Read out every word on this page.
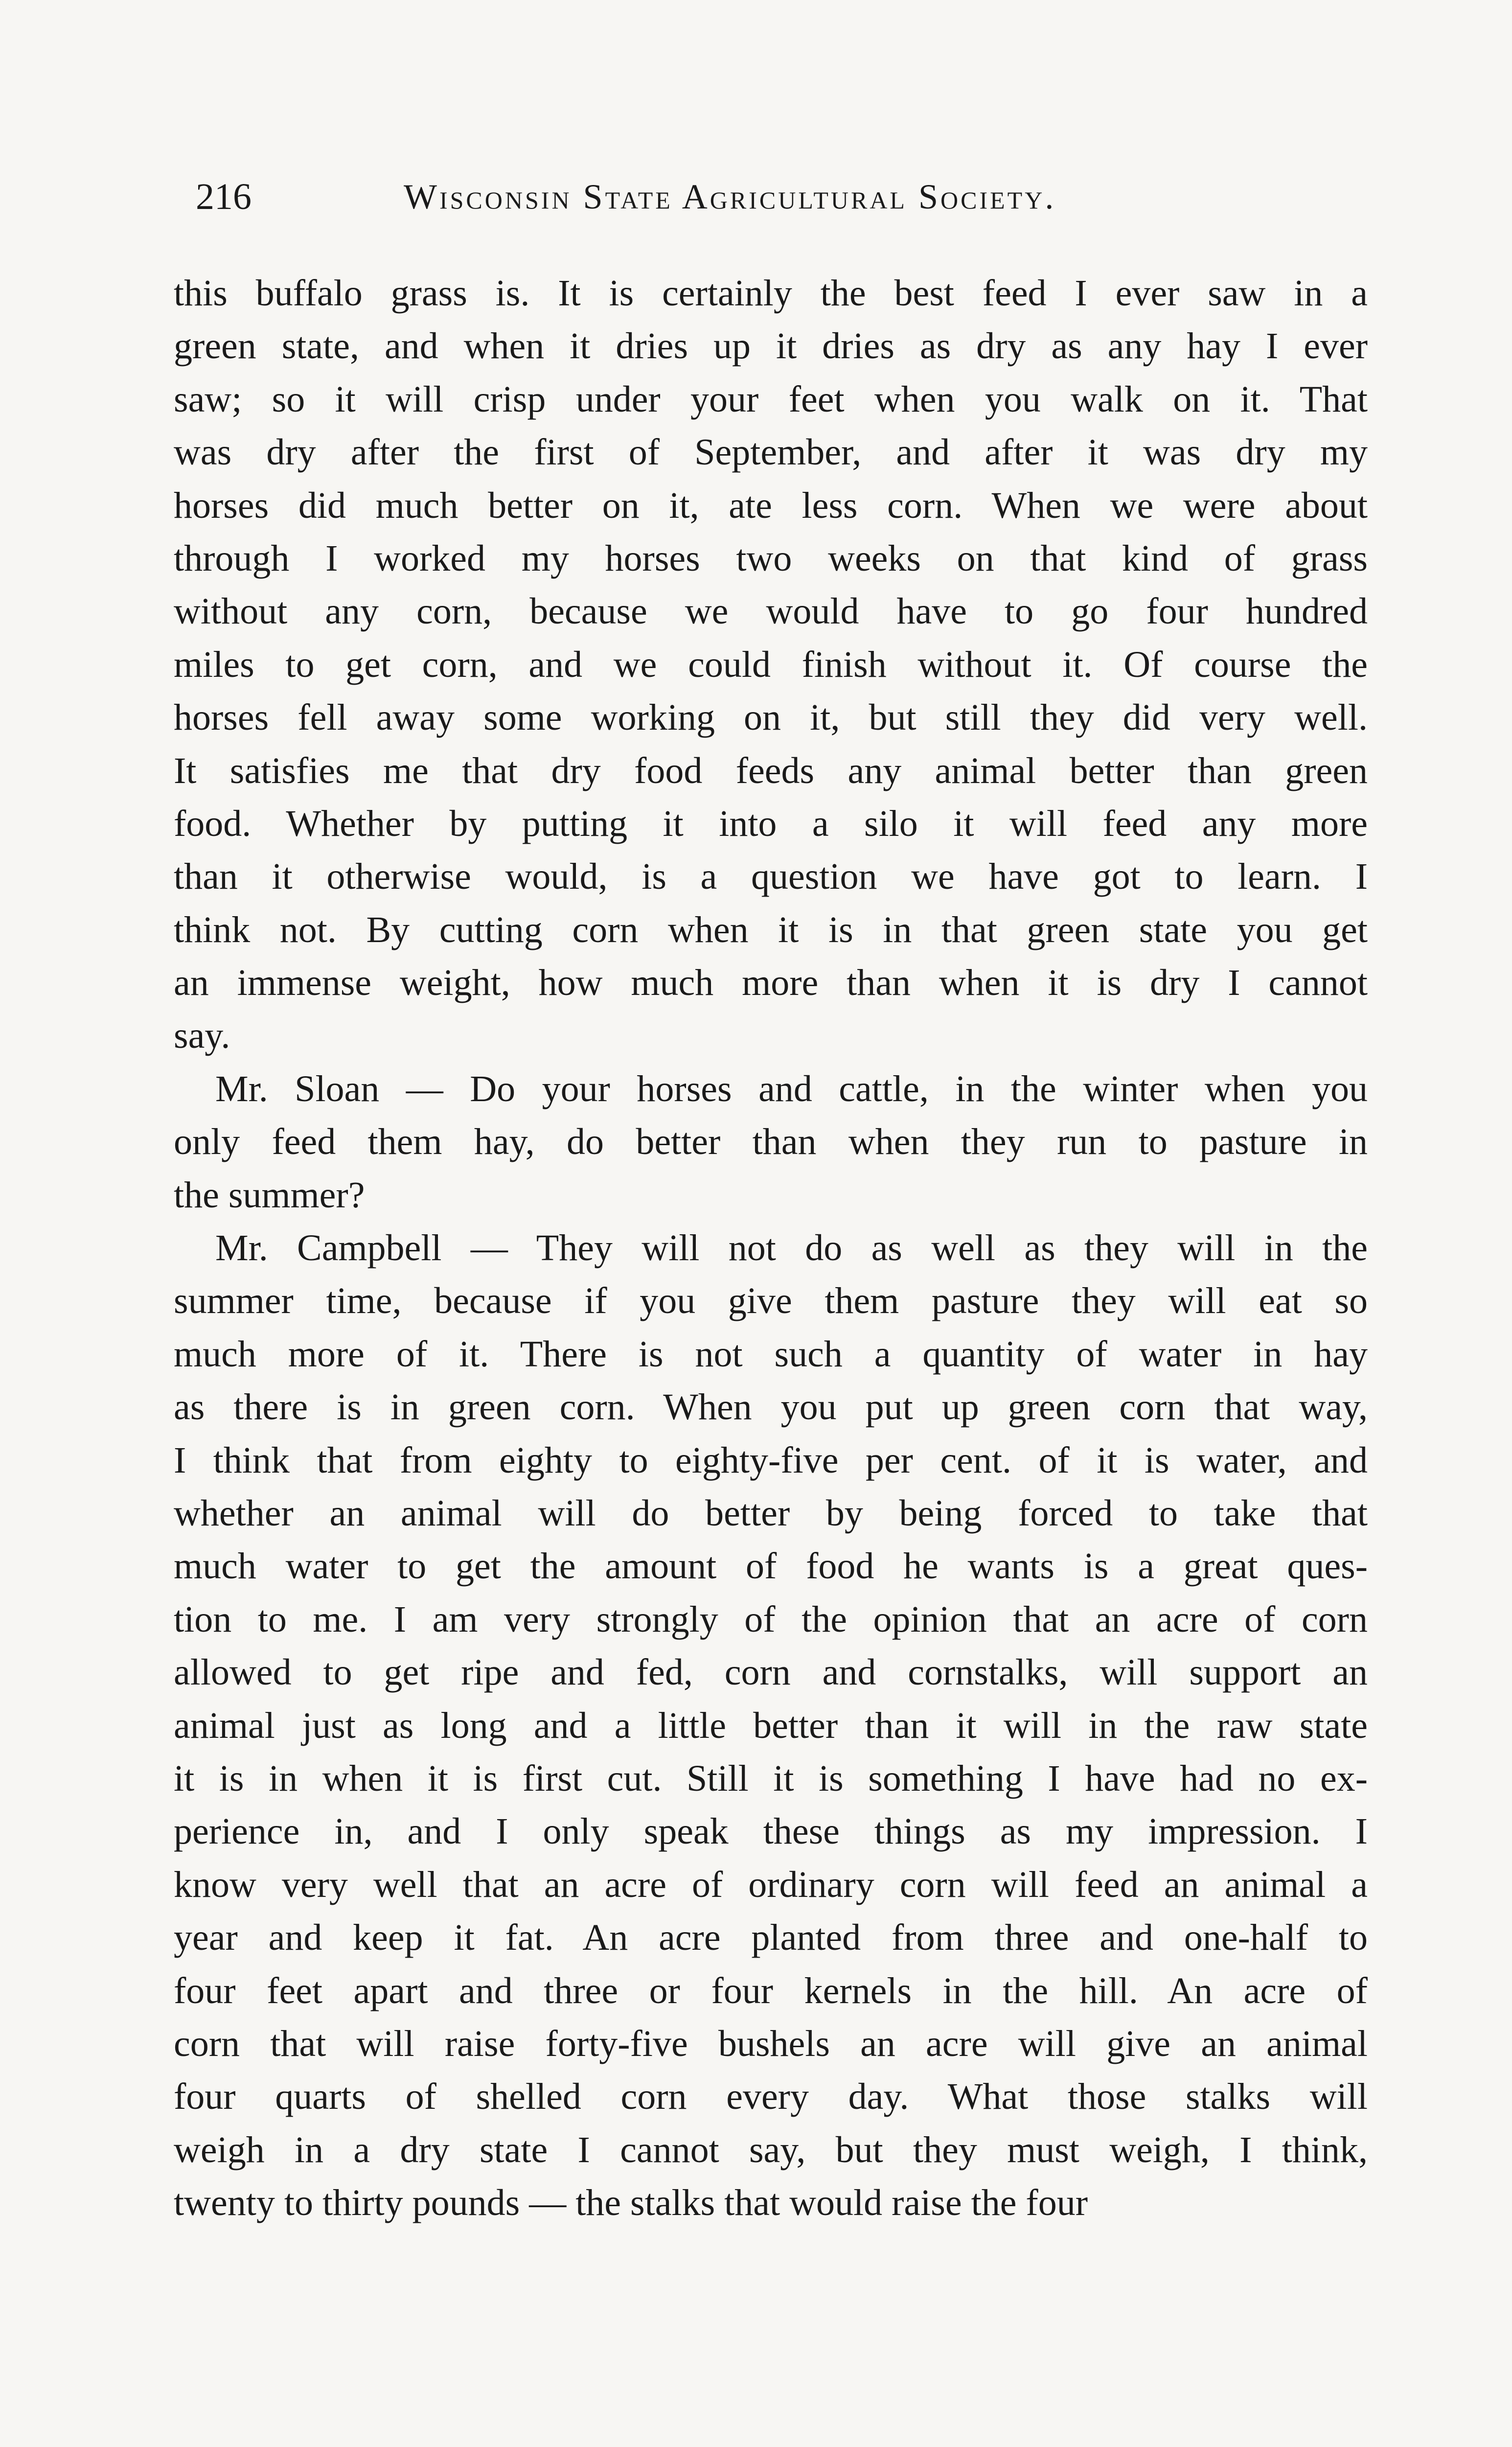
216	Wisconsin State Agricultural Society.
this buffalo grass is. It is certainly the best feed I ever saw in a
green state, and when it dries up it dries as dry as any hay I ever
saw; so it will crisp under your feet when you walk on it. That
was dry after the first of September, and after it was dry my
horses did much better on it, ate less corn. When we were about
through I worked my horses two weeks on that kind of grass
without any corn, because we would have to go four hundred
miles to get corn, and we could finish without it. Of course the
horses fell away some working on it, but still they did very well.
It satisfies me that dry food feeds any animal better than green
food. Whether by putting it into a silo it will feed any more
than it otherwise would, is a question we have got to learn. I
think not. By cutting corn when it is in that green state you get
an immense weight, how much more than when it is dry I cannot
say.
Mr. Sloan — Do your horses and cattle, in the winter when you
only feed them hay, do better than when they run to pasture in
the summer?
Mr. Campbell — They will not do as well as they will in the
summer time, because if you give them pasture they will eat so
much more of it. There is not such a quantity of water in hay
as there is in green corn. When you put up green corn that way,
I think that from eighty to eighty-five per cent. of it is water, and
whether an animal will do better by being forced to take that
much water to get the amount of food he wants is a great ques-
tion to me. I am very strongly of the opinion that an acre of corn
allowed to get ripe and fed, corn and cornstalks, will support an
animal just as long and a little better than it will in the raw state
it is in when it is first cut. Still it is something I have had no ex-
perience in, and I only speak these things as my impression. I
know very well that an acre of ordinary corn will feed an animal a
year and keep it fat. An acre planted from three and one-half to
four feet apart and three or four kernels in the hill. An acre of
corn that will raise forty-five bushels an acre will give an animal
four quarts of shelled corn every day. What those stalks will
weigh in a dry state I cannot say, but they must weigh, I think,
twenty to thirty pounds — the stalks that would raise the four
